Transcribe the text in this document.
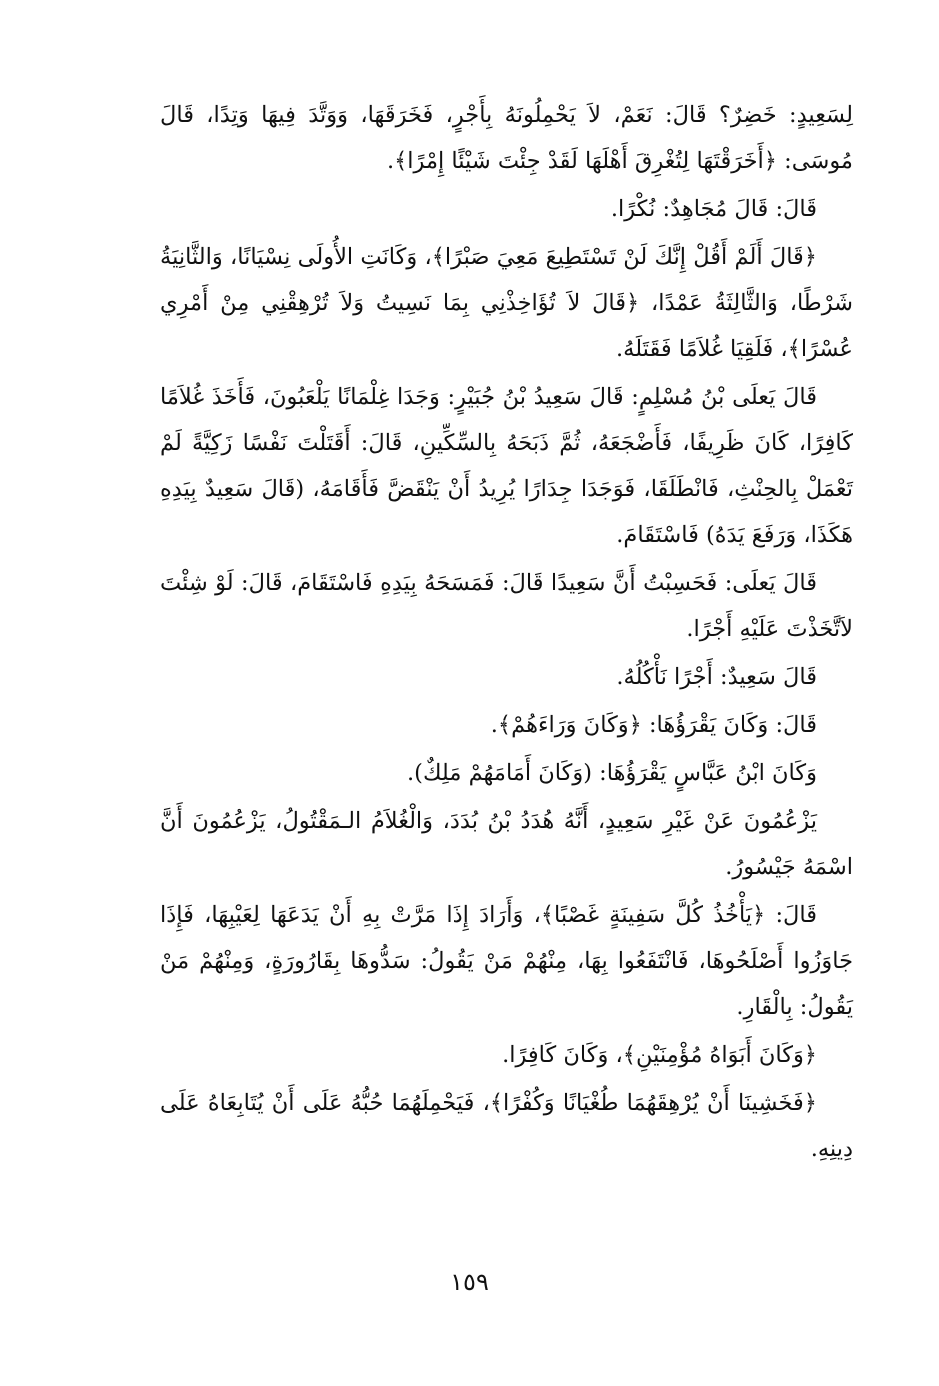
لِسَعِيدٍ: خَضِرٌ؟ قَالَ: نَعَمْ، لاَ يَحْمِلُونَهُ بِأَجْرٍ، فَخَرَقَهَا، وَوَتَّدَ فِيهَا وَتِدًا، قَالَ مُوسَى: ﴿أَخَرَقْتَهَا لِتُغْرِقَ أَهْلَهَا لَقَدْ جِئْتَ شَيْئًا إِمْرًا﴾.

قَالَ: قَالَ مُجَاهِدٌ: نُكْرًا.

﴿قَالَ أَلَمْ أَقُلْ إِنَّكَ لَنْ تَسْتَطِيعَ مَعِيَ صَبْرًا﴾، وَكَانَتِ الأُولَى نِسْيَانًا، وَالثَّانِيَةُ شَرْطًا، وَالثَّالِثَةُ عَمْدًا، ﴿قَالَ لاَ تُؤَاخِذْنِي بِمَا نَسِيتُ وَلاَ تُرْهِقْنِي مِنْ أَمْرِي عُسْرًا﴾، فَلَقِيَا غُلاَمًا فَقَتَلَهُ.

قَالَ يَعلَى بْنُ مُسْلِمٍ: قَالَ سَعِيدُ بْنُ جُبَيْرٍ: وَجَدَا غِلْمَانًا يَلْعَبُونَ، فَأَخَذَ غُلاَمًا كَافِرًا، كَانَ ظَرِيفًا، فَأَضْجَعَهُ، ثُمَّ ذَبَحَهُ بِالسِّكِّينِ، قَالَ: أَقَتَلْتَ نَفْسًا زَكِيَّةً لَمْ تَعْمَلْ بِالحِنْثِ، فَانْطَلَقَا، فَوَجَدَا جِدَارًا يُرِيدُ أَنْ يَنْقَضَّ فَأَقَامَهُ، (قَالَ سَعِيدٌ بِيَدِهِ هَكَذَا، وَرَفَعَ يَدَهُ) فَاسْتَقَامَ.

قَالَ يَعلَى: فَحَسِبْتُ أَنَّ سَعِيدًا قَالَ: فَمَسَحَهُ بِيَدِهِ فَاسْتَقَامَ، قَالَ: لَوْ شِئْتَ لاَتَّخَذْتَ عَلَيْهِ أَجْرًا.

قَالَ سَعِيدٌ: أَجْرًا نَأْكُلُهُ.

قَالَ: وَكَانَ يَقْرَؤُهَا: ﴿وَكَانَ وَرَاءَهُمْ﴾.

وَكَانَ ابْنُ عَبَّاسٍ يَقْرَؤُهَا: (وَكَانَ أَمَامَهُمْ مَلِكٌ).

يَزْعُمُونَ عَنْ غَيْرِ سَعِيدٍ، أَنَّهُ هُدَدُ بْنُ بُدَدَ، وَالْغُلاَمُ الـمَقْتُولُ، يَزْعُمُونَ أَنَّ اسْمَهُ جَيْسُورُ.

قَالَ: ﴿يَأْخُذُ كُلَّ سَفِينَةٍ غَصْبًا﴾، وَأَرَادَ إِذَا مَرَّتْ بِهِ أَنْ يَدَعَهَا لِعَيْبِهَا، فَإِذَا جَاوَزُوا أَصْلَحُوهَا، فَانْتَفَعُوا بِهَا، مِنْهُمْ مَنْ يَقُولُ: سَدُّوهَا بِقَارُورَةٍ، وَمِنْهُمْ مَنْ يَقُولُ: بِالْقَارِ.

﴿وَكَانَ أَبَوَاهُ مُؤْمِنَيْنِ﴾، وَكَانَ كَافِرًا.

﴿فَخَشِينَا أَنْ يُرْهِقَهُمَا طُغْيَانًا وَكُفْرًا﴾، فَيَحْمِلَهُمَا حُبُّهُ عَلَى أَنْ يُتَابِعَاهُ عَلَى دِينِهِ.

١٥٩
